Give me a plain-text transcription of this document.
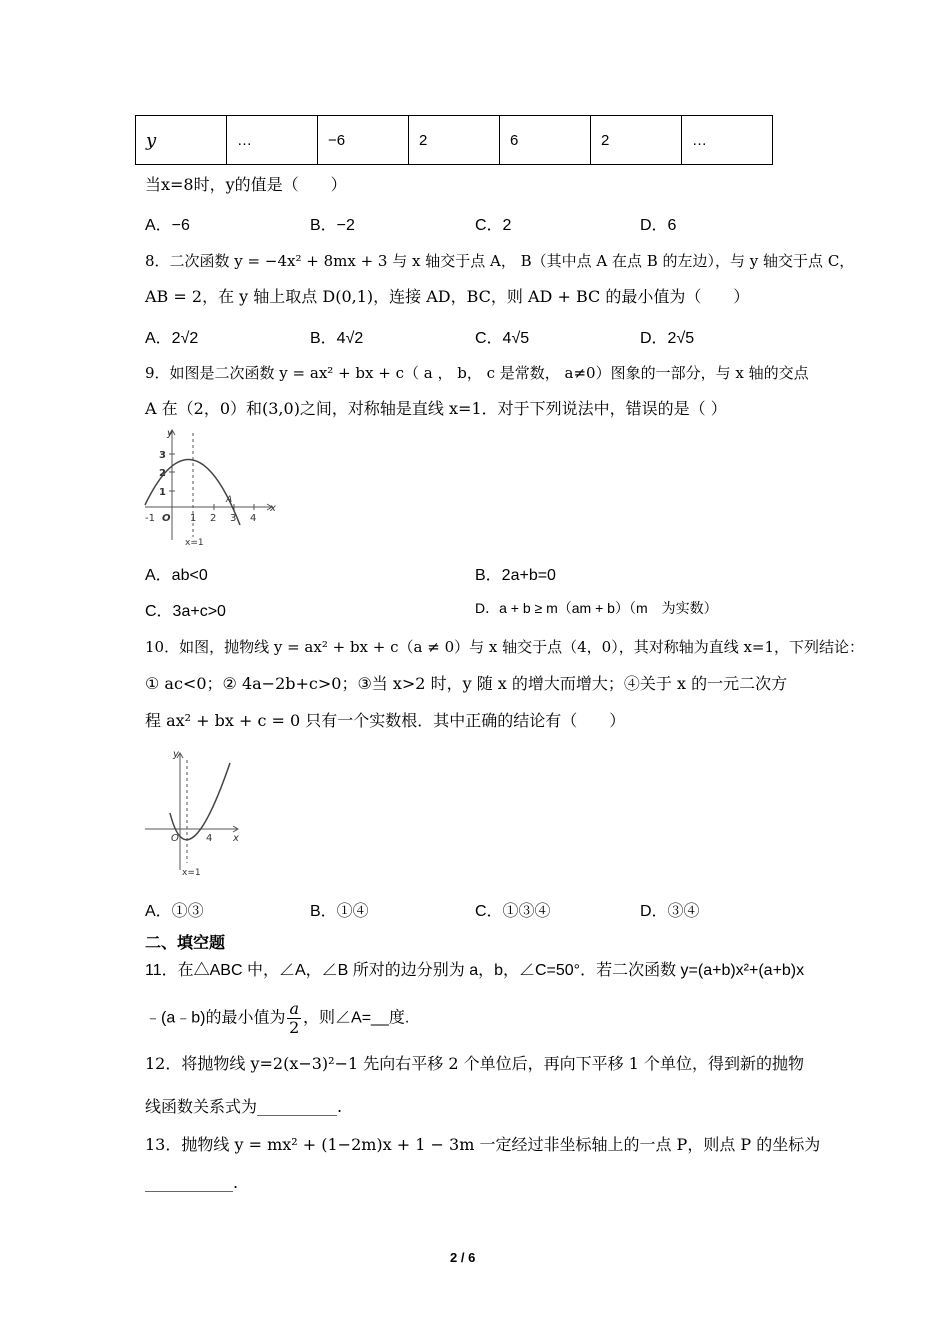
y	…	−6	2	6	2	…
当x=8时，y的值是（　　）
A．−6	B．−2	C．2	D．6
8．二次函数 y = −4x² + 8mx + 3 与 x 轴交于点 A， B（其中点 A 在点 B 的左边），与 y 轴交于点 C，
AB = 2，在 y 轴上取点 D(0,1)，连接 AD，BC，则 AD + BC 的最小值为（　　）
A．2√2	B．4√2	C．4√5	D．2√5
9．如图是二次函数 y = ax² + bx + c（ a ， b， c 是常数， a≠0）图象的一部分，与 x 轴的交点
A 在（2，0）和(3,0)之间，对称轴是直线 x=1．对于下列说法中，错误的是（ ）
y
x
3
2
1
-1	1 2 3 4
O
A
x=1
A．ab<0	B．2a+b=0
C．3a+c>0	D．a + b ≥ m（am + b）（m　为实数）
10．如图，抛物线 y = ax² + bx + c（a ≠ 0）与 x 轴交于点（4，0），其对称轴为直线 x=1，下列结论：
① ac<0；② 4a−2b+c>0；③当 x>2 时，y 随 x 的增大而增大；④关于 x 的一元二次方
程 ax² + bx + c = 0 只有一个实数根．其中正确的结论有（　　）
y
x
O	4
x=1
A．①③	B．①④	C．①③④	D．③④
二、填空题
11．在△ABC 中，∠A，∠B 所对的边分别为 a，b，∠C=50°．若二次函数 y=(a+b)x²+(a+b)x
﹣(a﹣b)的最小值为 $\frac{a}{2}$ ，则∠A=__度.
12．将抛物线 y=2(x−3)²−1 先向右平移 2 个单位后，再向下平移 1 个单位，得到新的抛物
线函数关系式为__________.
13．抛物线 y = mx² + (1−2m)x + 1 − 3m 一定经过非坐标轴上的一点 P，则点 P 的坐标为
___________.
2 / 6
